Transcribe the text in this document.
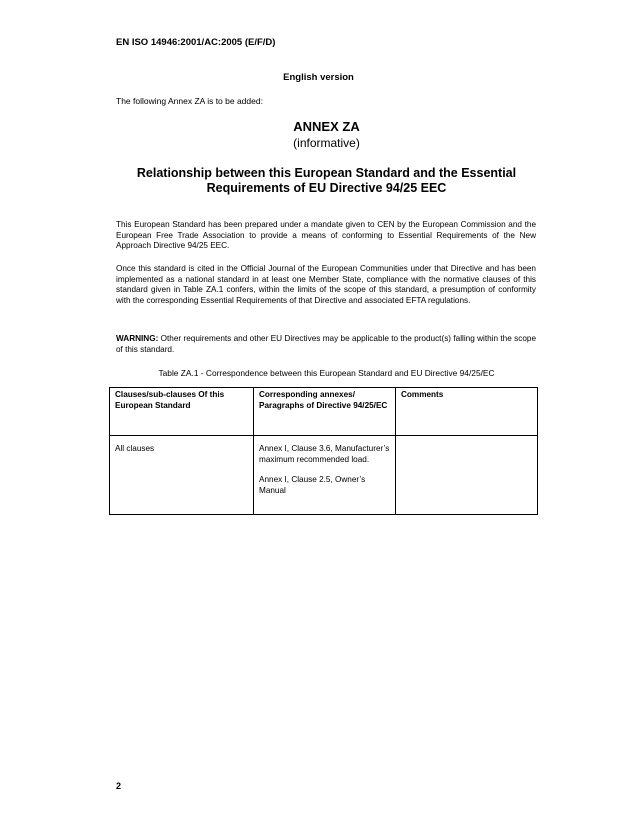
EN ISO 14946:2001/AC:2005 (E/F/D)
English version
The following Annex ZA is to be added:
ANNEX ZA
(informative)
Relationship between this European Standard and the Essential Requirements of EU Directive 94/25 EEC
This European Standard has been prepared under a mandate given to CEN by the European Commission and the European Free Trade Association to provide a means of conforming to Essential Requirements of the New Approach Directive 94/25 EEC.
Once this standard is cited in the Official Journal of the European Communities under that Directive and has been implemented as a national standard in at least one Member State, compliance with the normative clauses of this standard given in Table ZA.1 confers, within the limits of the scope of this standard, a presumption of conformity with the corresponding Essential Requirements of that Directive and associated EFTA regulations.
WARNING: Other requirements and other EU Directives may be applicable to the product(s) falling within the scope of this standard.
Table ZA.1 - Correspondence between this European Standard and EU Directive 94/25/EC
Clauses/sub-clauses Of this European Standard	Corresponding annexes/ Paragraphs of Directive 94/25/EC	Comments

All clauses	Annex I, Clause 3.6, Manufacturer’s maximum recommended load.
Annex I, Clause 2.5, Owner’s Manual	

2
